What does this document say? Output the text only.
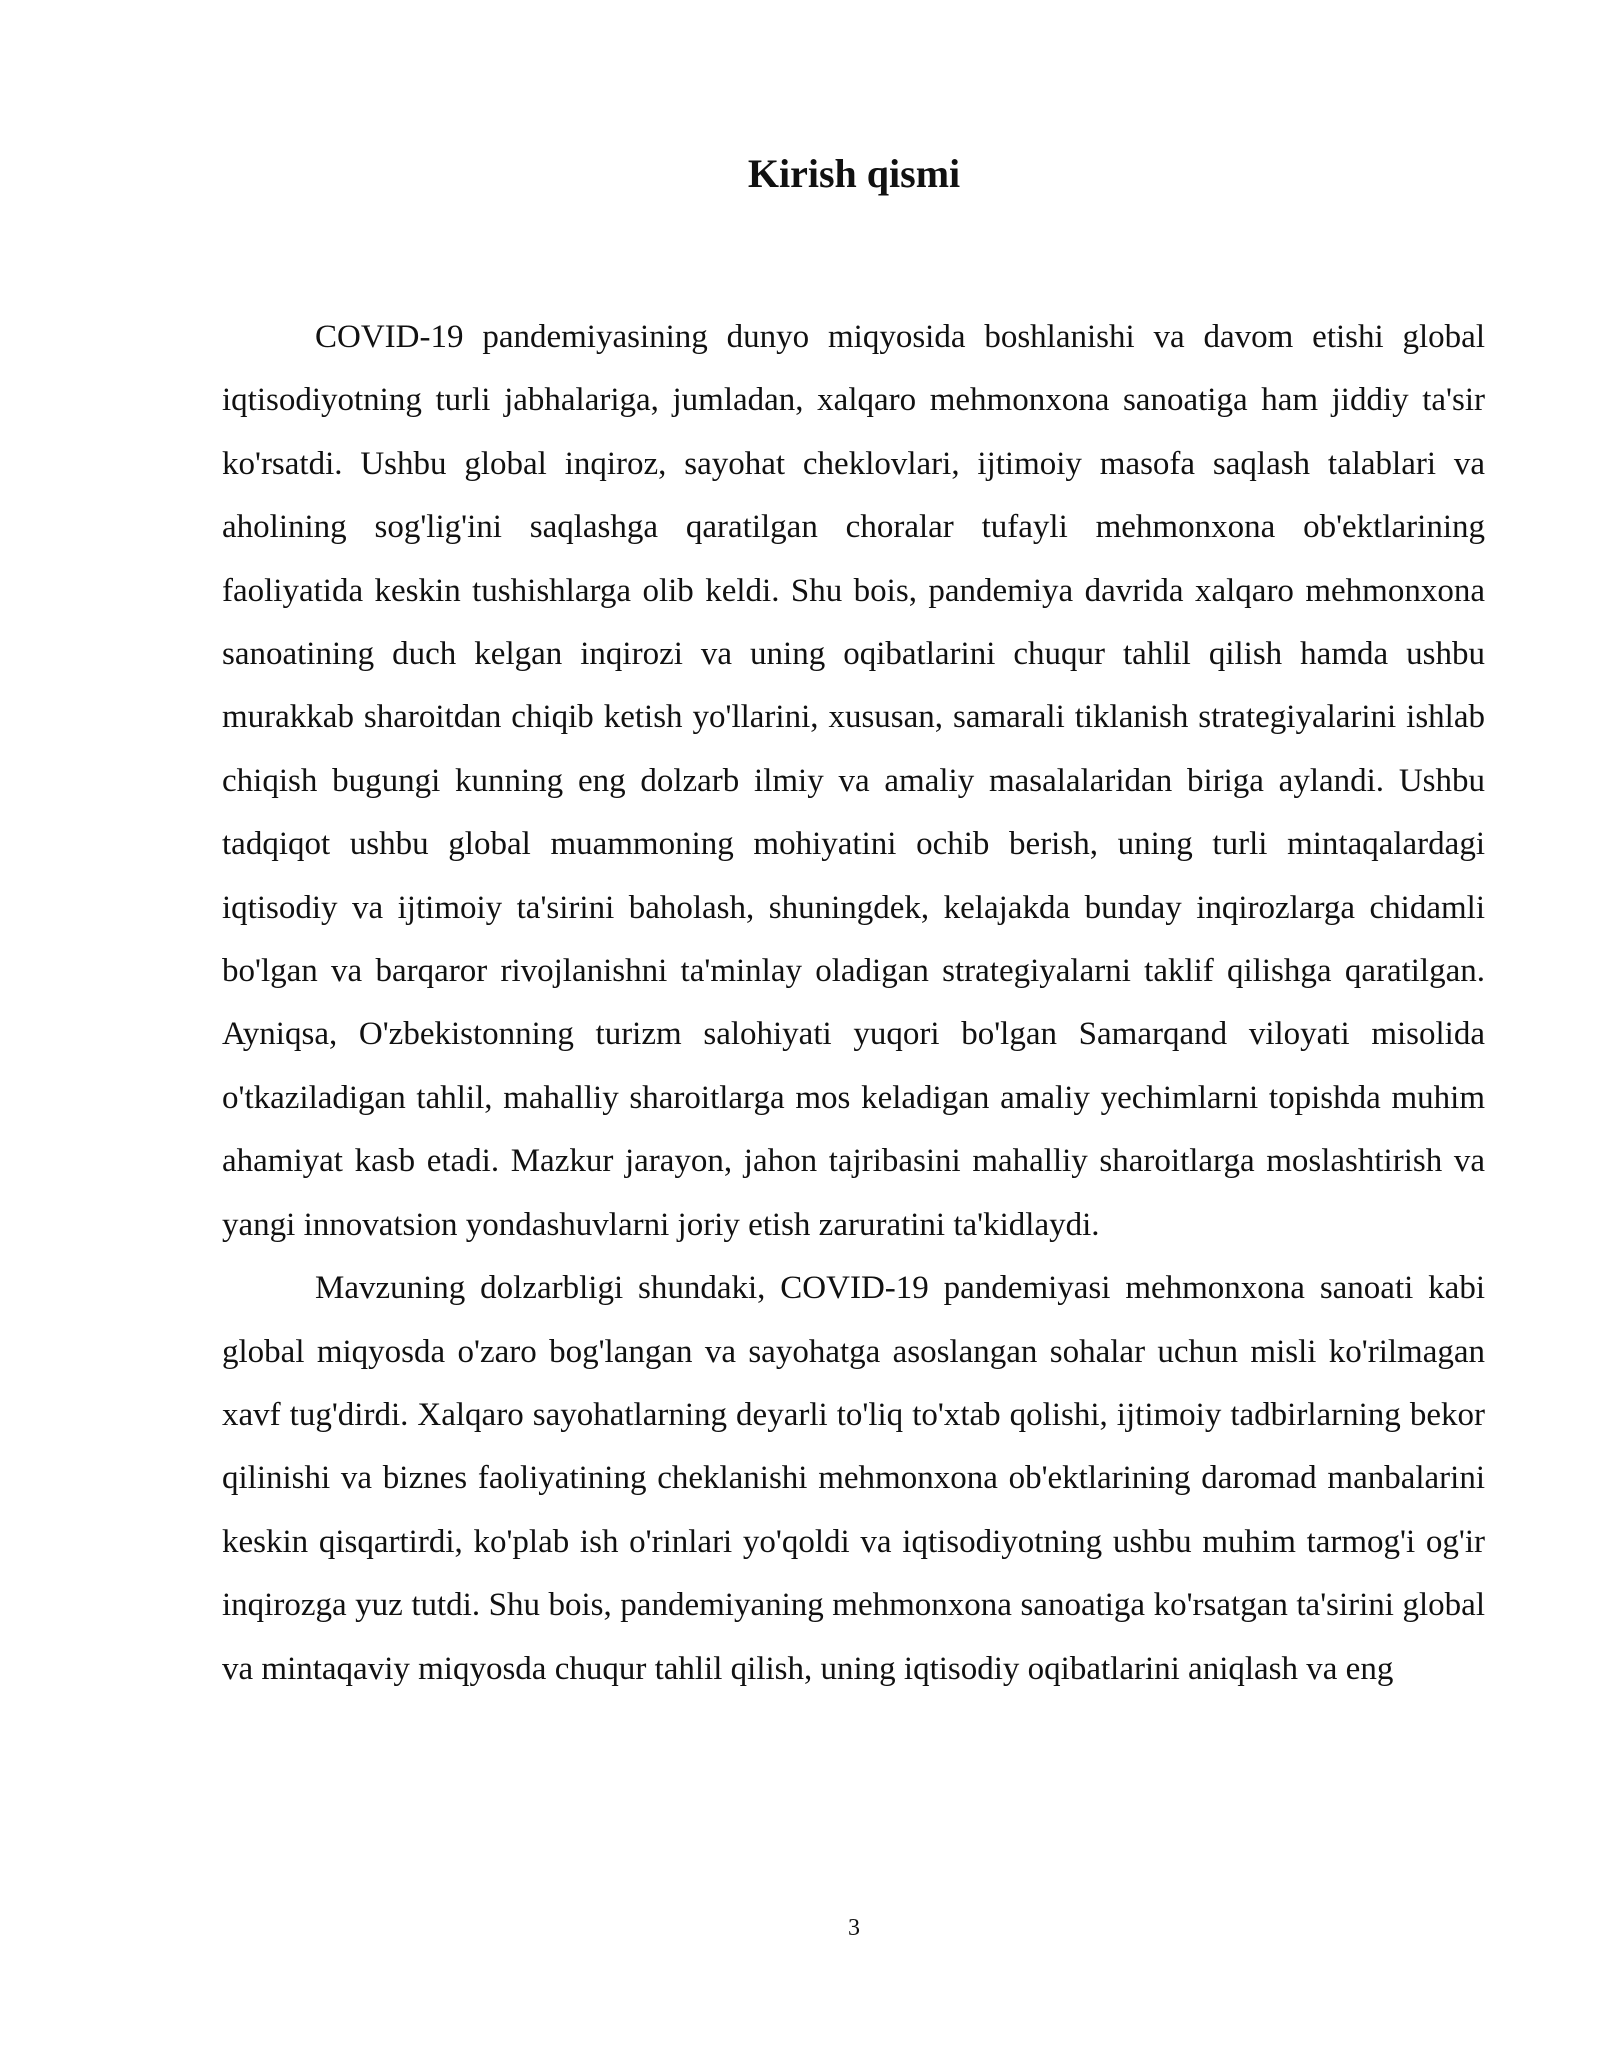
Kirish qismi

COVID-19 pandemiyasining dunyo miqyosida boshlanishi va davom etishi global iqtisodiyotning turli jabhalariga, jumladan, xalqaro mehmonxona sanoatiga ham jiddiy ta'sir ko'rsatdi. Ushbu global inqiroz, sayohat cheklovlari, ijtimoiy masofa saqlash talablari va aholining sog'lig'ini saqlashga qaratilgan choralar tufayli mehmonxona ob'ektlarining faoliyatida keskin tushishlarga olib keldi. Shu bois, pandemiya davrida xalqaro mehmonxona sanoatining duch kelgan inqirozi va uning oqibatlarini chuqur tahlil qilish hamda ushbu murakkab sharoitdan chiqib ketish yo'llarini, xususan, samarali tiklanish strategiyalarini ishlab chiqish bugungi kunning eng dolzarb ilmiy va amaliy masalalaridan biriga aylandi. Ushbu tadqiqot ushbu global muammoning mohiyatini ochib berish, uning turli mintaqalardagi iqtisodiy va ijtimoiy ta'sirini baholash, shuningdek, kelajakda bunday inqirozlarga chidamli bo'lgan va barqaror rivojlanishni ta'minlay oladigan strategiyalarni taklif qilishga qaratilgan. Ayniqsa, O'zbekistonning turizm salohiyati yuqori bo'lgan Samarqand viloyati misolida o'tkaziladigan tahlil, mahalliy sharoitlarga mos keladigan amaliy yechimlarni topishda muhim ahamiyat kasb etadi. Mazkur jarayon, jahon tajribasini mahalliy sharoitlarga moslashtirish va yangi innovatsion yondashuvlarni joriy etish zaruratini ta'kidlaydi.

Mavzuning dolzarbligi shundaki, COVID-19 pandemiyasi mehmonxona sanoati kabi global miqyosda o'zaro bog'langan va sayohatga asoslangan sohalar uchun misli ko'rilmagan xavf tug'dirdi. Xalqaro sayohatlarning deyarli to'liq to'xtab qolishi, ijtimoiy tadbirlarning bekor qilinishi va biznes faoliyatining cheklanishi mehmonxona ob'ektlarining daromad manbalarini keskin qisqartirdi, ko'plab ish o'rinlari yo'qoldi va iqtisodiyotning ushbu muhim tarmog'i og'ir inqirozga yuz tutdi. Shu bois, pandemiyaning mehmonxona sanoatiga ko'rsatgan ta'sirini global va mintaqaviy miqyosda chuqur tahlil qilish, uning iqtisodiy oqibatlarini aniqlash va eng

3
